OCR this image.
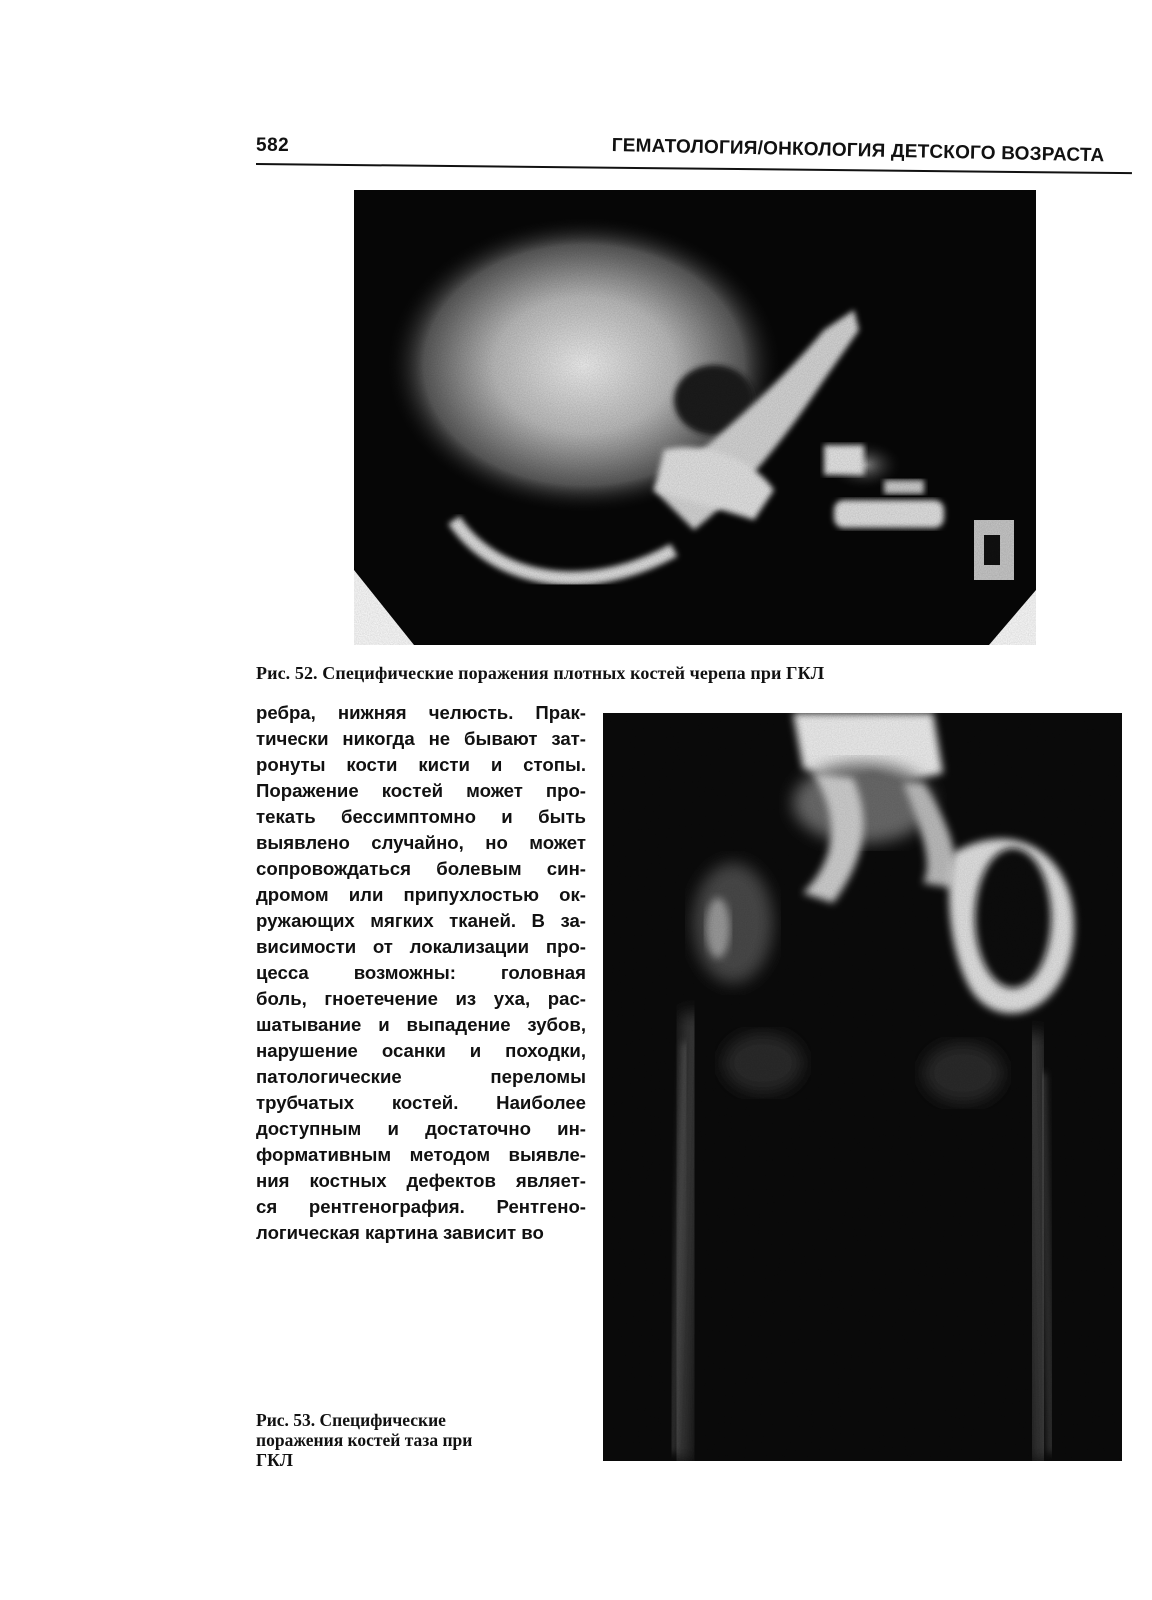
582	ГЕМАТОЛОГИЯ/ОНКОЛОГИЯ ДЕТСКОГО ВОЗРАСТА
Рис. 52. Специфические поражения плотных костей черепа при ГКЛ
ребра, нижняя челюсть. Прак-
тически никогда не бывают зат-
ронуты кости кисти и стопы.
Поражение костей может про-
текать бессимптомно и быть
выявлено случайно, но может
сопровождаться болевым син-
дромом или припухлостью ок-
ружающих мягких тканей. В за-
висимости от локализации про-
цесса возможны: головная
боль, гноетечение из уха, рас-
шатывание и выпадение зубов,
нарушение осанки и походки,
патологические переломы
трубчатых костей. Наиболее
доступным и достаточно ин-
формативным методом выявле-
ния костных дефектов являет-
ся рентгенография. Рентгено-
логическая картина зависит во
Рис. 53. Специфические
поражения костей таза при
ГКЛ
